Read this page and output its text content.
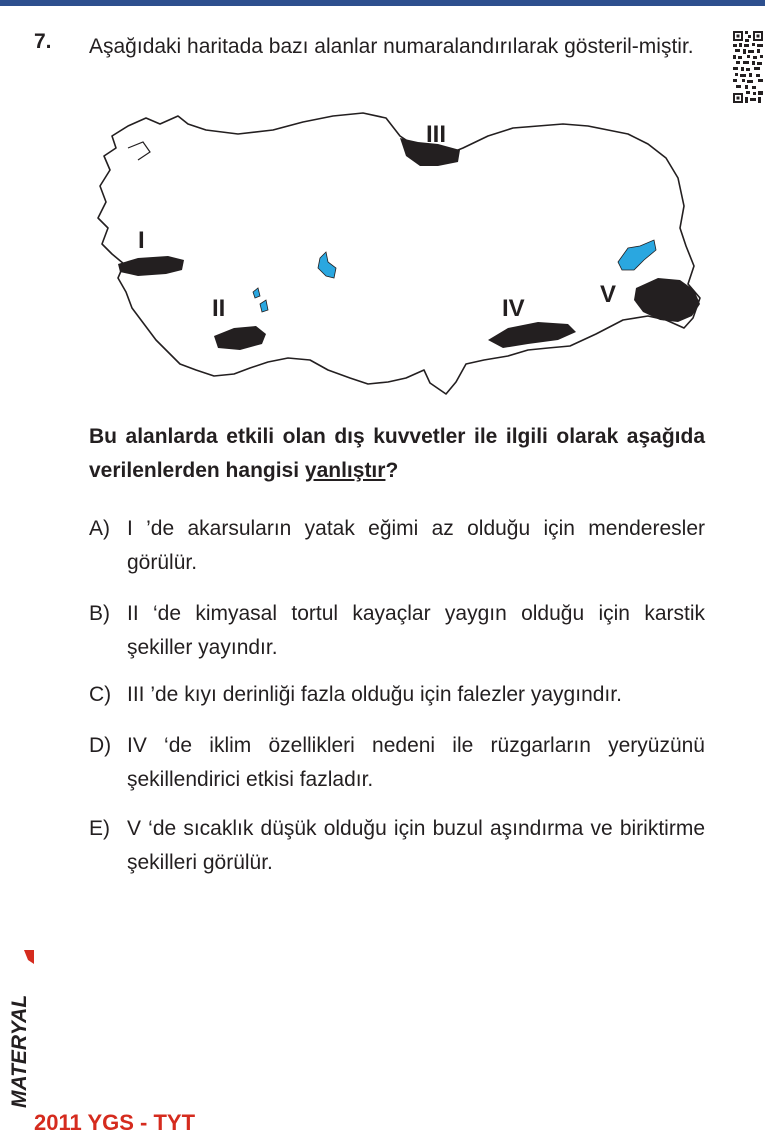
7. Aşağıdaki haritada bazı alanlar numaralandırılarak gösteril-miştir.
I
II
III
IV
V
Bu alanlarda etkili olan dış kuvvetler ile ilgili olarak aşağıda verilenlerden hangisi yanlıştır?
A) I ’de akarsuların yatak eğimi az olduğu için menderesler görülür.
B) II ‘de kimyasal tortul kayaçlar yaygın olduğu için karstik şekiller yayındır.
C) III ’de kıyı derinliği fazla olduğu için falezler yaygındır.
D) IV ‘de iklim özellikleri nedeni ile rüzgarların yeryüzünü şekillendirici etkisi fazladır.
E) V ‘de sıcaklık düşük olduğu için buzul aşındırma ve biriktirme şekilleri görülür.
MATERYAL
2011 YGS - TYT
